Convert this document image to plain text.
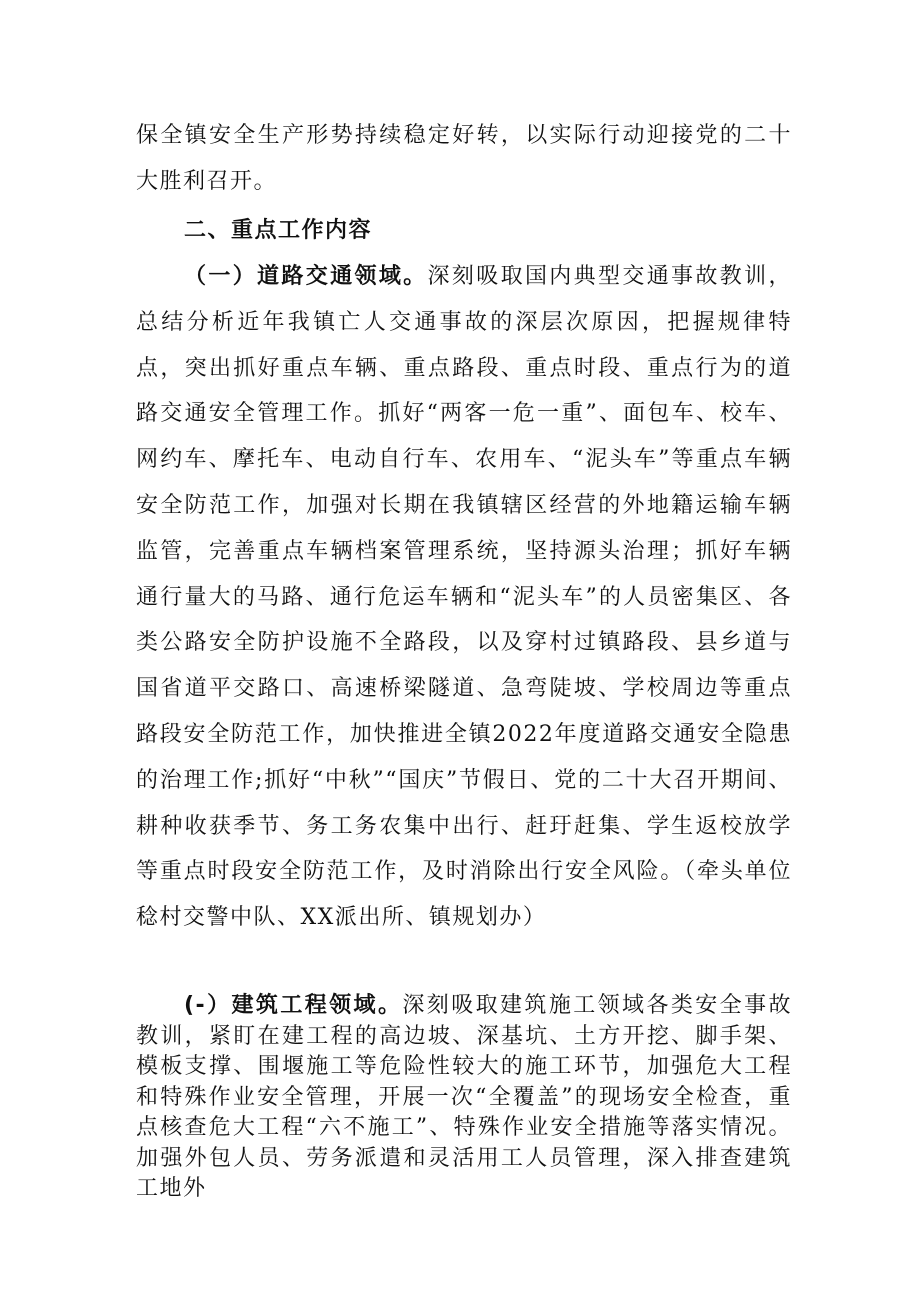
保全镇安全生产形势持续稳定好转，以实际行动迎接党的二十大胜利召开。

二、重点工作内容

（一）道路交通领域。深刻吸取国内典型交通事故教训，总结分析近年我镇亡人交通事故的深层次原因，把握规律特点，突出抓好重点车辆、重点路段、重点时段、重点行为的道路交通安全管理工作。抓好“两客一危一重”、面包车、校车、网约车、摩托车、电动自行车、农用车、“泥头车”等重点车辆安全防范工作，加强对长期在我镇辖区经营的外地籍运输车辆监管，完善重点车辆档案管理系统，坚持源头治理；抓好车辆通行量大的马路、通行危运车辆和“泥头车”的人员密集区、各类公路安全防护设施不全路段，以及穿村过镇路段、县乡道与国省道平交路口、高速桥梁隧道、急弯陡坡、学校周边等重点路段安全防范工作，加快推进全镇2022年度道路交通安全隐患的治理工作;抓好“中秋”“国庆”节假日、党的二十大召开期间、耕种收获季节、务工务农集中出行、赶玗赶集、学生返校放学等重点时段安全防范工作，及时消除出行安全风险。（牵头单位稔村交警中队、XX派出所、镇规划办）

(-）建筑工程领域。深刻吸取建筑施工领域各类安全事故教训，紧盯在建工程的高边坡、深基坑、土方开挖、脚手架、模板支撑、围堰施工等危险性较大的施工环节，加强危大工程和特殊作业安全管理，开展一次“全覆盖”的现场安全检查，重点核查危大工程“六不施工”、特殊作业安全措施等落实情况。加强外包人员、劳务派遣和灵活用工人员管理，深入排查建筑工地外
